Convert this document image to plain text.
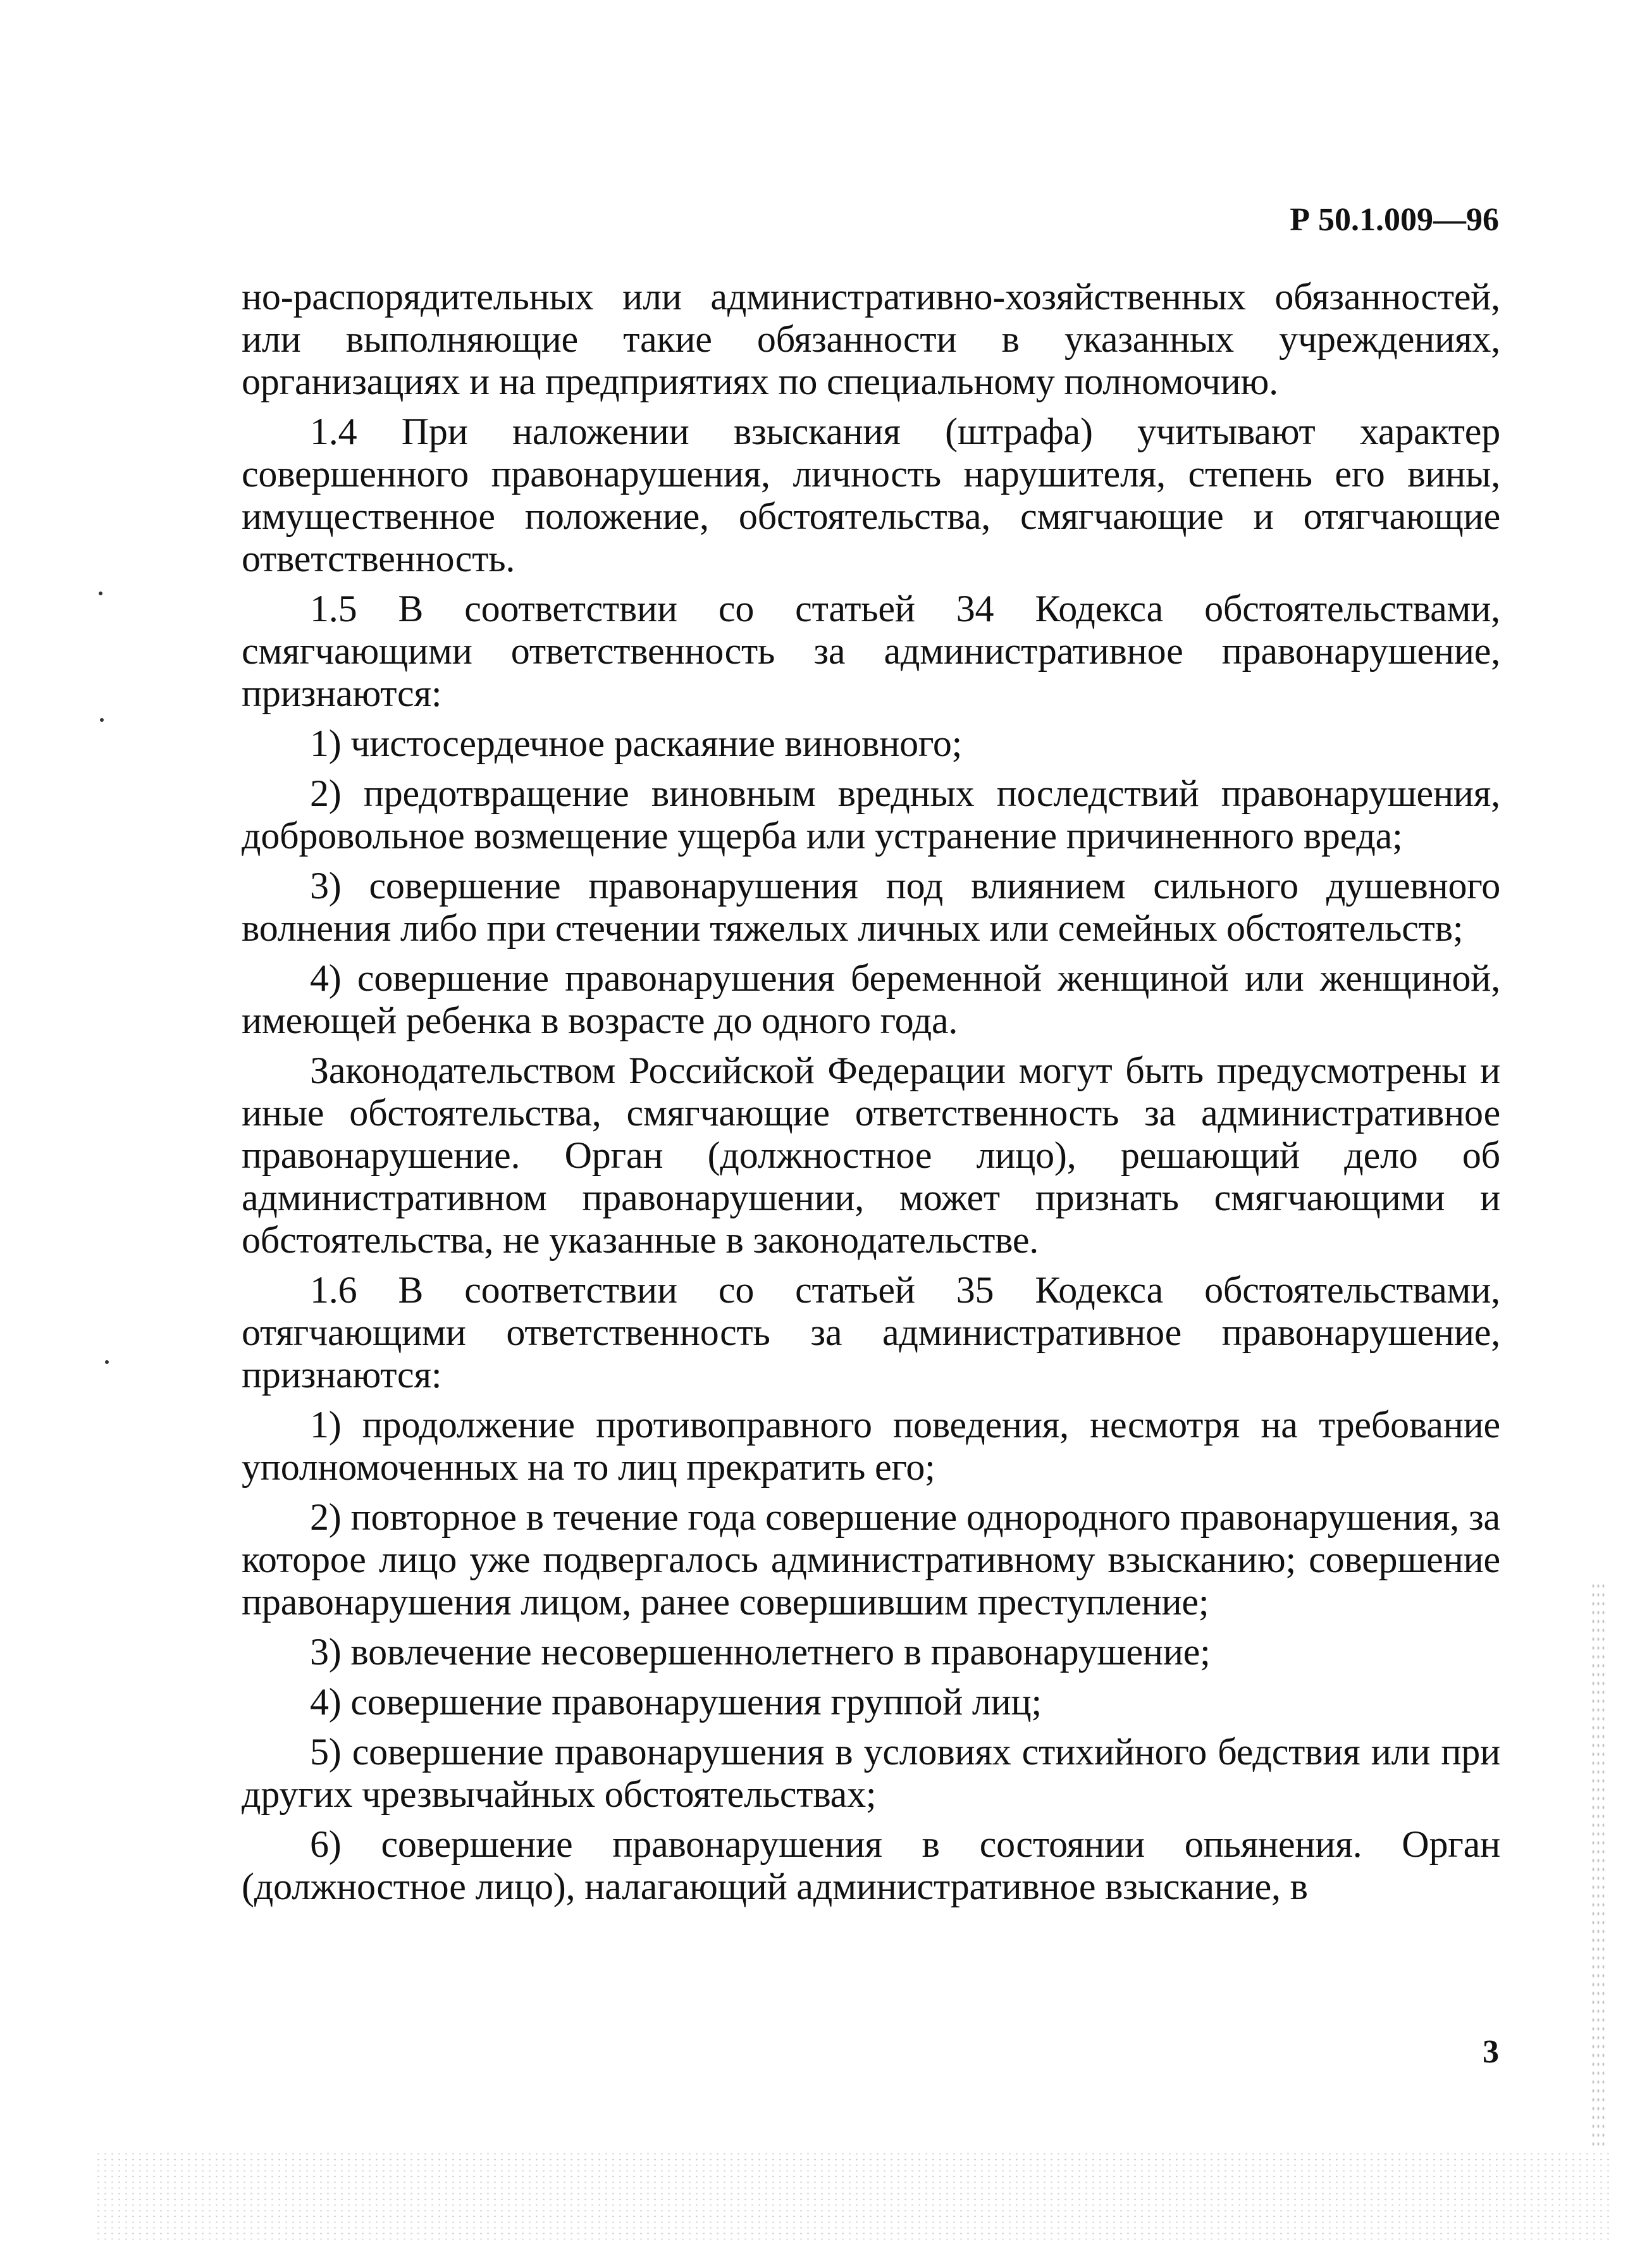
Р 50.1.009—96

но-распорядительных или административно-хозяйственных обязанностей, или выполняющие такие обязанности в указанных учреждениях, организациях и на предприятиях по специальному полномочию.

1.4 При наложении взыскания (штрафа) учитывают характер совершенного правонарушения, личность нарушителя, степень его вины, имущественное положение, обстоятельства, смягчающие и отягчающие ответственность.

1.5 В соответствии со статьей 34 Кодекса обстоятельствами, смягчающими ответственность за административное правонарушение, признаются:

1) чистосердечное раскаяние виновного;

2) предотвращение виновным вредных последствий правонарушения, добровольное возмещение ущерба или устранение причиненного вреда;

3) совершение правонарушения под влиянием сильного душевного волнения либо при стечении тяжелых личных или семейных обстоятельств;

4) совершение правонарушения беременной женщиной или женщиной, имеющей ребенка в возрасте до одного года.

Законодательством Российской Федерации могут быть предусмотрены и иные обстоятельства, смягчающие ответственность за административное правонарушение. Орган (должностное лицо), решающий дело об административном правонарушении, может признать смягчающими и обстоятельства, не указанные в законодательстве.

1.6 В соответствии со статьей 35 Кодекса обстоятельствами, отягчающими ответственность за административное правонарушение, признаются:

1) продолжение противоправного поведения, несмотря на требование уполномоченных на то лиц прекратить его;

2) повторное в течение года совершение однородного правонарушения, за которое лицо уже подвергалось административному взысканию; совершение правонарушения лицом, ранее совершившим преступление;

3) вовлечение несовершеннолетнего в правонарушение;

4) совершение правонарушения группой лиц;

5) совершение правонарушения в условиях стихийного бедствия или при других чрезвычайных обстоятельствах;

6) совершение правонарушения в состоянии опьянения. Орган (должностное лицо), налагающий административное взыскание, в

3
